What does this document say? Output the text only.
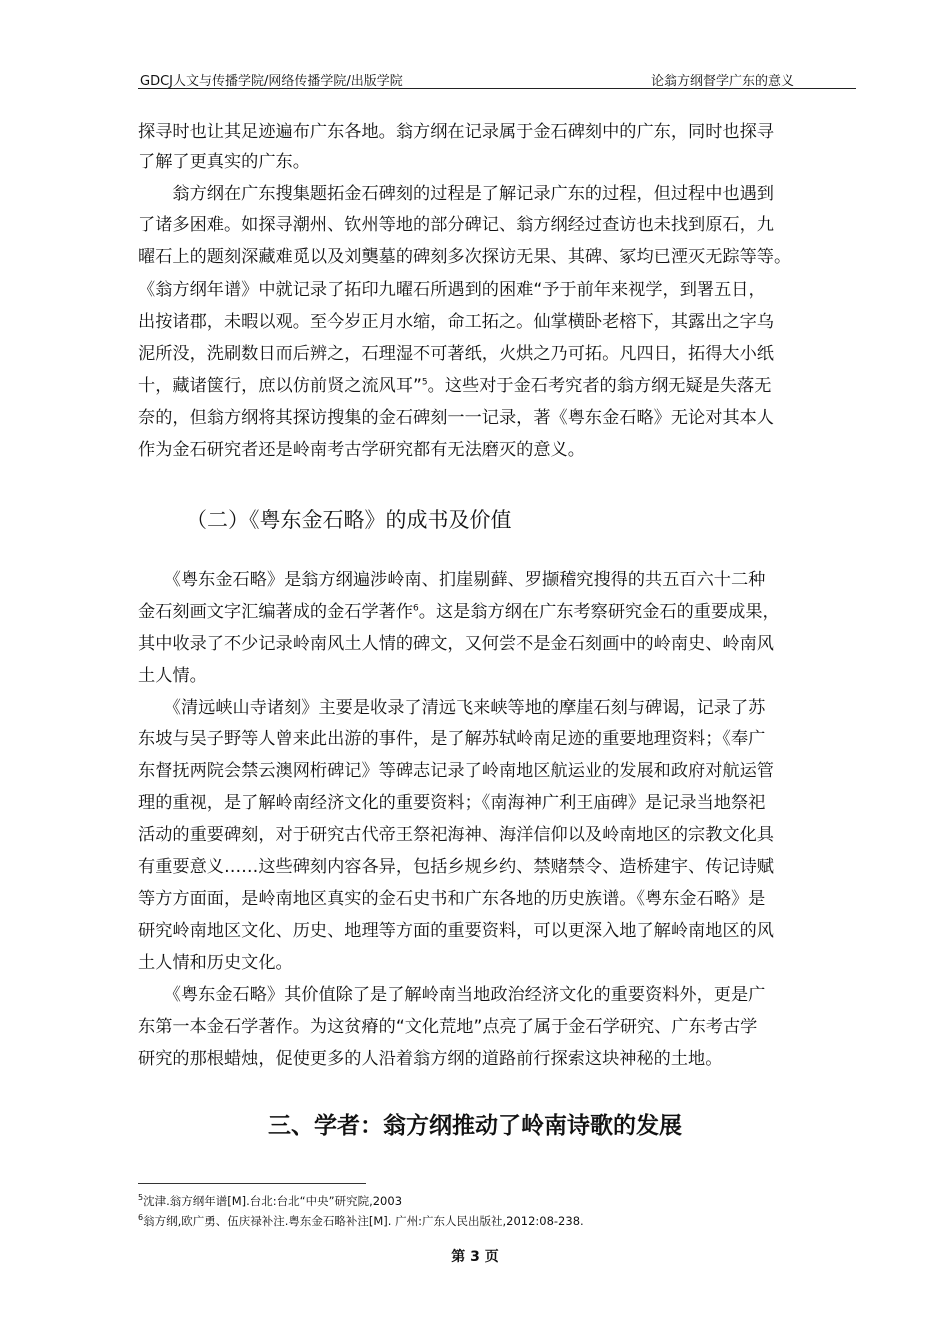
GDCJ人文与传播学院/网络传播学院/出版学院	论翁方纲督学广东的意义
探寻时也让其足迹遍布广东各地。翁方纲在记录属于金石碑刻中的广东，同时也探寻
了解了更真实的广东。
　　翁方纲在广东搜集题拓金石碑刻的过程是了解记录广东的过程，但过程中也遇到
了诸多困难。如探寻潮州、钦州等地的部分碑记、翁方纲经过查访也未找到原石，九
曜石上的题刻深藏难觅以及刘龑墓的碑刻多次探访无果、其碑、冢均已湮灭无踪等等。
《翁方纲年谱》中就记录了拓印九曜石所遇到的困难“予于前年来视学，到署五日，
出按诸郡，未暇以观。至今岁正月水缩，命工拓之。仙掌横卧老榕下，其露出之字乌
泥所没，洗刷数日而后辨之，石理湿不可著纸，火烘之乃可拓。凡四日，拓得大小纸
十，藏诸箧行，庶以仿前贤之流风耳”$^5$。这些对于金石考究者的翁方纲无疑是失落无
奈的，但翁方纲将其探访搜集的金石碑刻一一记录，著《粤东金石略》无论对其本人
作为金石研究者还是岭南考古学研究都有无法磨灭的意义。
（二）《粤东金石略》的成书及价值
　　《粤东金石略》是翁方纲遍涉岭南、扪崖剔藓、罗撷稽究搜得的共五百六十二种
金石刻画文字汇编著成的金石学著作$^6$。这是翁方纲在广东考察研究金石的重要成果，
其中收录了不少记录岭南风土人情的碑文，又何尝不是金石刻画中的岭南史、岭南风
土人情。
　　《清远峡山寺诸刻》主要是收录了清远飞来峡等地的摩崖石刻与碑谒，记录了苏
东坡与吴子野等人曾来此出游的事件，是了解苏轼岭南足迹的重要地理资料；《奉广
东督抚两院会禁云澳网桁碑记》等碑志记录了岭南地区航运业的发展和政府对航运管
理的重视，是了解岭南经济文化的重要资料；《南海神广利王庙碑》是记录当地祭祀
活动的重要碑刻，对于研究古代帝王祭祀海神、海洋信仰以及岭南地区的宗教文化具
有重要意义……这些碑刻内容各异，包括乡规乡约、禁赌禁令、造桥建宇、传记诗赋
等方方面面，是岭南地区真实的金石史书和广东各地的历史族谱。《粤东金石略》是
研究岭南地区文化、历史、地理等方面的重要资料，可以更深入地了解岭南地区的风
土人情和历史文化。
　　《粤东金石略》其价值除了是了解岭南当地政治经济文化的重要资料外，更是广
东第一本金石学著作。为这贫瘠的“文化荒地”点亮了属于金石学研究、广东考古学
研究的那根蜡烛，促使更多的人沿着翁方纲的道路前行探索这块神秘的土地。
三、学者：翁方纲推动了岭南诗歌的发展
$^5$沈津.翁方纲年谱[M].台北:台北“中央”研究院,2003
$^6$翁方纲,欧广勇、伍庆禄补注.粤东金石略补注[M]. 广州:广东人民出版社,2012:08-238.
第 3 页
